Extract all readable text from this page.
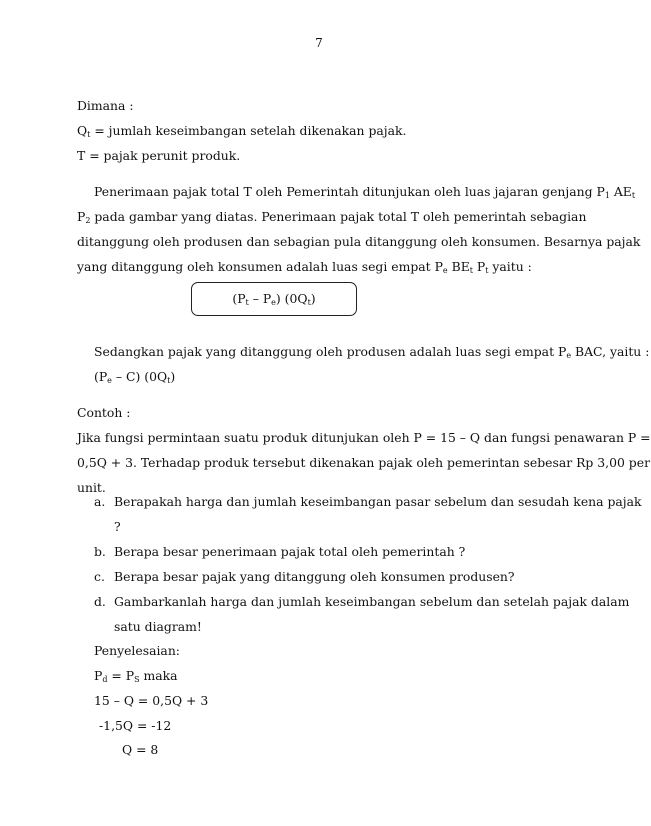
7
Dimana :
$Q_t$ = jumlah keseimbangan setelah dikenakan pajak.
T = pajak perunit produk.
Penerimaan pajak total T oleh Pemerintah ditunjukan oleh luas jajaran genjang $P_1$ $AE_t$
$P_2$ pada gambar yang diatas. Penerimaan pajak total T oleh pemerintah sebagian
ditanggung oleh produsen dan sebagian pula ditanggung oleh konsumen. Besarnya pajak
yang ditanggung oleh konsumen adalah luas segi empat $P_e$ $BE_t$ $P_t$ yaitu :
$(P_t - P_e)$ $(0Q_t)$
Sedangkan pajak yang ditanggung oleh produsen adalah luas segi empat $P_e$ BAC, yaitu :
$(P_e - C)$ $(0Q_t)$
Contoh :
Jika fungsi permintaan suatu produk ditunjukan oleh P = 15 – Q dan fungsi penawaran P =
0,5Q + 3. Terhadap produk tersebut dikenakan pajak oleh pemerintan sebesar Rp 3,00 per
unit.
a. Berapakah harga dan jumlah keseimbangan pasar sebelum dan sesudah kena pajak
?
b. Berapa besar penerimaan pajak total oleh pemerintah ?
c. Berapa besar pajak yang ditanggung oleh konsumen produsen?
d. Gambarkanlah harga dan jumlah keseimbangan sebelum dan setelah pajak dalam
satu diagram!
Penyelesaian:
$P_d = P_S$ maka
15 – Q = 0,5Q + 3
-1,5Q = -12
Q = 8
